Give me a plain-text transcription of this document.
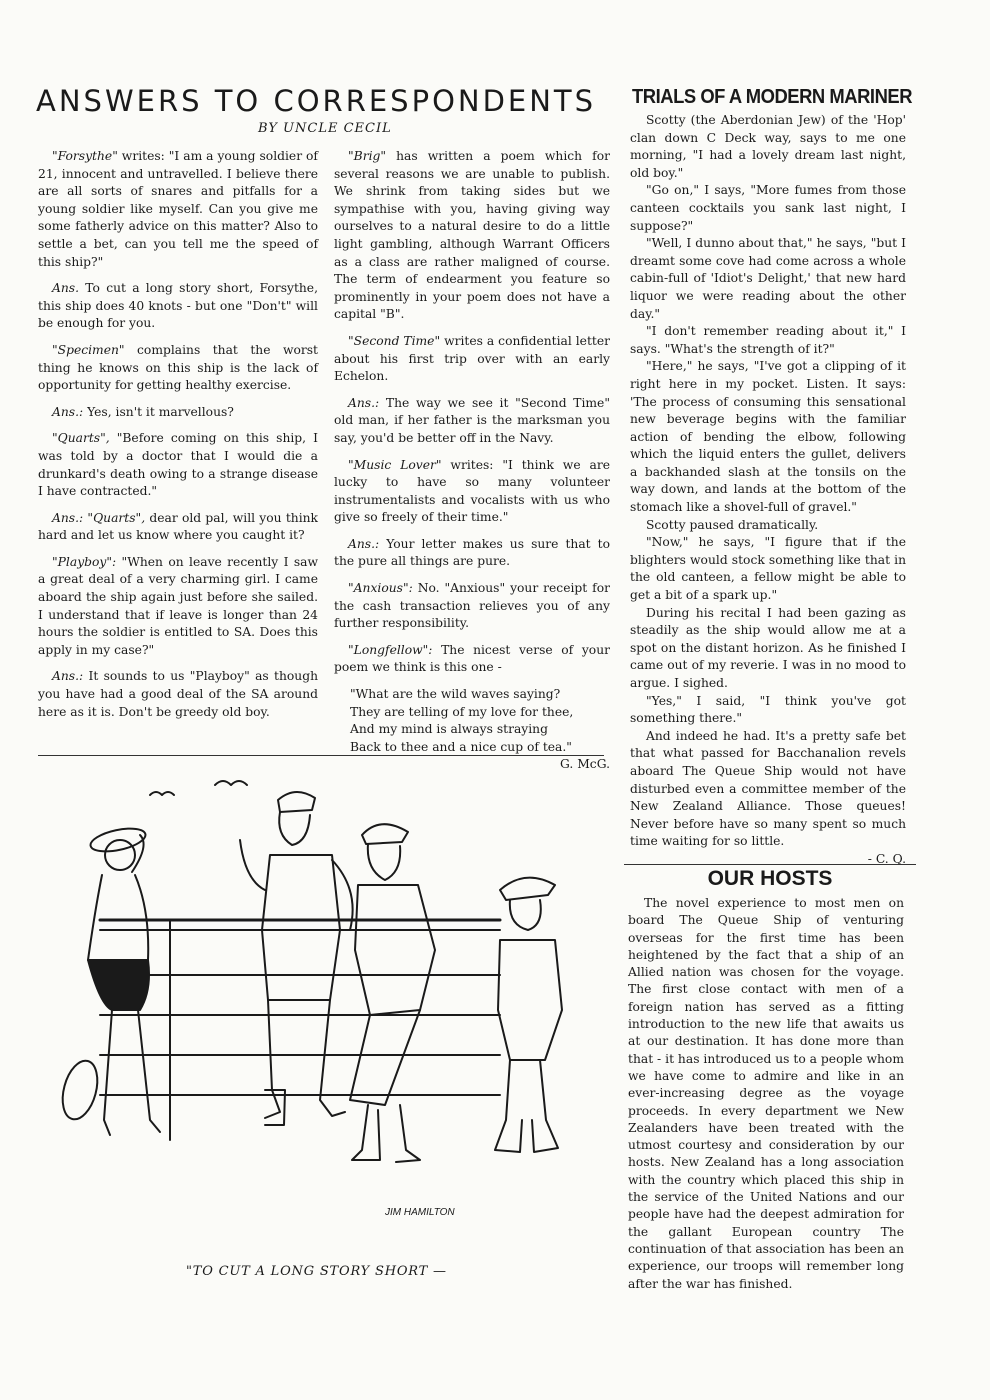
ANSWERS TO CORRESPONDENTS
BY UNCLE CECIL

"Forsythe" writes: "I am a young soldier of 21, innocent and untravelled. I believe there are all sorts of snares and pitfalls for a young soldier like myself. Can you give me some fatherly advice on this matter? Also to settle a bet, can you tell me the speed of this ship?"

Ans. To cut a long story short, Forsythe, this ship does 40 knots - but one "Don't" will be enough for you.

"Specimen" complains that the worst thing he knows on this ship is the lack of opportunity for getting healthy exercise.

Ans.: Yes, isn't it marvellous?

"Quarts", "Before coming on this ship, I was told by a doctor that I would die a drunkard's death owing to a strange disease I have contracted."

Ans.: "Quarts", dear old pal, will you think hard and let us know where you caught it?

"Playboy": "When on leave recently I saw a great deal of a very charming girl. I came aboard the ship again just before she sailed. I understand that if leave is longer than 24 hours the soldier is entitled to SA. Does this apply in my case?"

Ans.: It sounds to us "Playboy" as though you have had a good deal of the SA around here as it is. Don't be greedy old boy.

"Brig" has written a poem which for several reasons we are unable to publish. We shrink from taking sides but we sympathise with you, having giving way ourselves to a natural desire to do a little light gambling, although Warrant Officers as a class are rather maligned of course. The term of endearment you feature so prominently in your poem does not have a capital "B".

"Second Time" writes a confidential letter about his first trip over with an early Echelon.

Ans.: The way we see it "Second Time" old man, if her father is the marksman you say, you'd be better off in the Navy.

"Music Lover" writes: "I think we are lucky to have so many volunteer instrumentalists and vocalists with us who give so freely of their time."

Ans.: Your letter makes us sure that to the pure all things are pure.

"Anxious": No. "Anxious" your receipt for the cash transaction relieves you of any further responsibility.

"Longfellow": The nicest verse of your poem we think is this one -

"What are the wild waves saying?
They are telling of my love for thee,
And my mind is always straying
Back to thee and a nice cup of tea."
G. McG.
TRIALS OF A MODERN MARINER

Scotty (the Aberdonian Jew) of the 'Hop' clan down C Deck way, says to me one morning, "I had a lovely dream last night, old boy."

"Go on," I says, "More fumes from those canteen cocktails you sank last night, I suppose?"

"Well, I dunno about that," he says, "but I dreamt some cove had come across a whole cabin-full of 'Idiot's Delight,' that new hard liquor we were reading about the other day."

"I don't remember reading about it," I says. "What's the strength of it?"

"Here," he says, "I've got a clipping of it right here in my pocket. Listen. It says: 'The process of consuming this sensational new beverage begins with the familiar action of bending the elbow, following which the liquid enters the gullet, delivers a backhanded slash at the tonsils on the way down, and lands at the bottom of the stomach like a shovel-full of gravel."

Scotty paused dramatically.

"Now," he says, "I figure that if the blighters would stock something like that in the old canteen, a fellow might be able to get a bit of a spark up."

During his recital I had been gazing as steadily as the ship would allow me at a spot on the distant horizon. As he finished I came out of my reverie. I was in no mood to argue. I sighed.

"Yes," I said, "I think you've got something there."

And indeed he had. It's a pretty safe bet that what passed for Bacchanalion revels aboard The Queue Ship would not have disturbed even a committee member of the New Zealand Alliance. Those queues! Never before have so many spent so much time waiting for so little.

- C. Q.
OUR HOSTS

The novel experience to most men on board The Queue Ship of venturing overseas for the first time has been heightened by the fact that a ship of an Allied nation was chosen for the voyage. The first close contact with men of a foreign nation has served as a fitting introduction to the new life that awaits us at our destination. It has done more than that - it has introduced us to a people whom we have come to admire and like in an ever-increasing degree as the voyage proceeds. In every department we New Zealanders have been treated with the utmost courtesy and consideration by our hosts. New Zealand has a long association with the country which placed this ship in the service of the United Nations and our people have had the deepest admiration for the gallant European country The continuation of that association has been an experience, our troops will remember long after the war has finished.

JIM HAMILTON
"TO CUT A LONG STORY SHORT —
